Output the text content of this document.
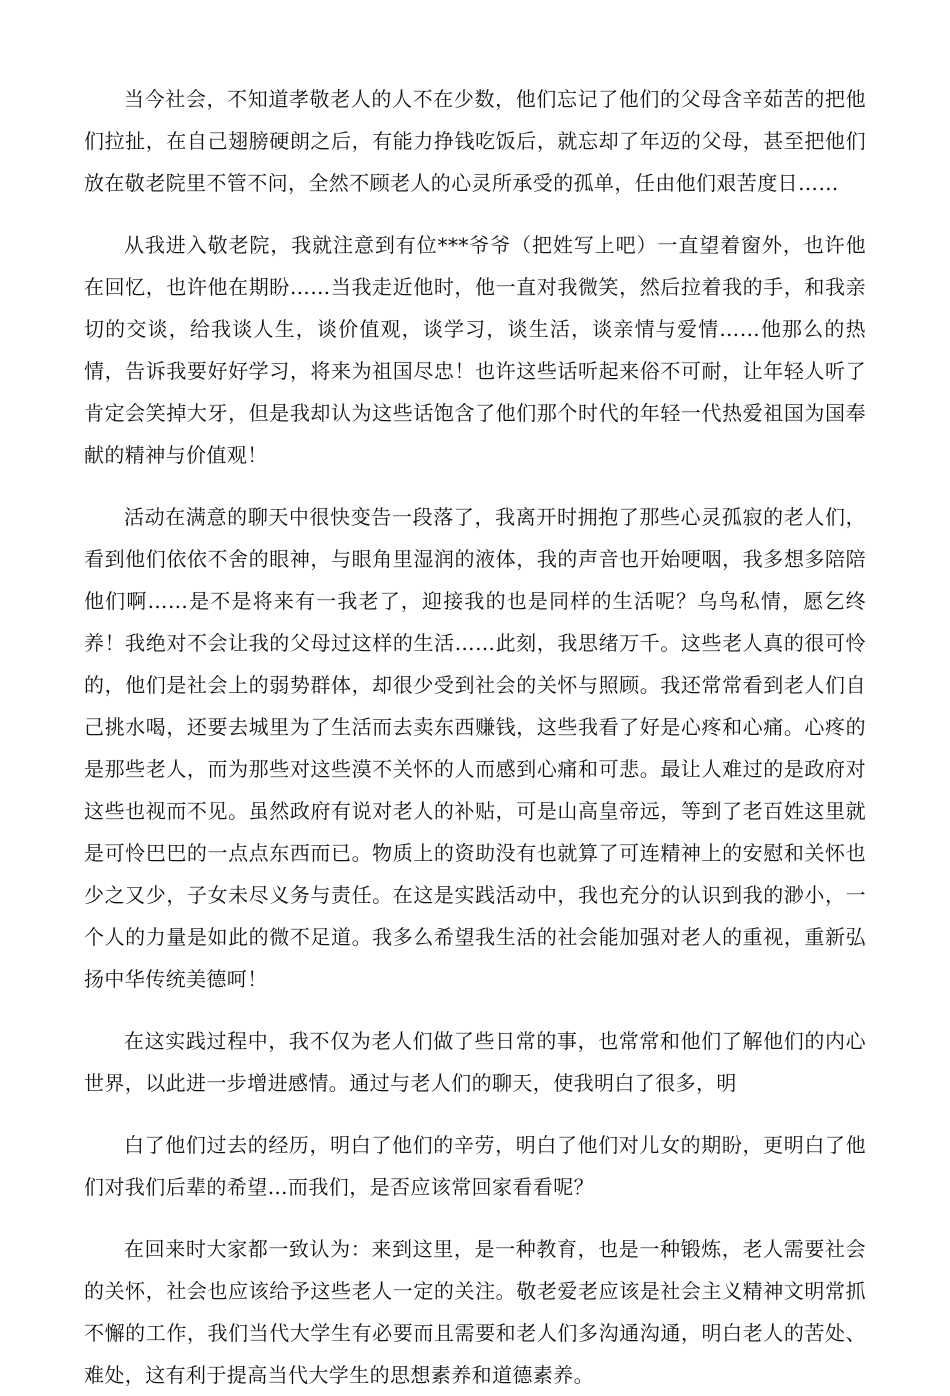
当今社会，不知道孝敬老人的人不在少数，他们忘记了他们的父母含辛茹苦的把他们拉扯，在自己翅膀硬朗之后，有能力挣钱吃饭后，就忘却了年迈的父母，甚至把他们放在敬老院里不管不问，全然不顾老人的心灵所承受的孤单，任由他们艰苦度日……

从我进入敬老院，我就注意到有位***爷爷（把姓写上吧）一直望着窗外，也许他在回忆，也许他在期盼……当我走近他时，他一直对我微笑，然后拉着我的手，和我亲切的交谈，给我谈人生，谈价值观，谈学习，谈生活，谈亲情与爱情……他那么的热情，告诉我要好好学习，将来为祖国尽忠！也许这些话听起来俗不可耐，让年轻人听了肯定会笑掉大牙，但是我却认为这些话饱含了他们那个时代的年轻一代热爱祖国为国奉献的精神与价值观！

活动在满意的聊天中很快变告一段落了，我离开时拥抱了那些心灵孤寂的老人们，看到他们依依不舍的眼神，与眼角里湿润的液体，我的声音也开始哽咽，我多想多陪陪他们啊……是不是将来有一我老了，迎接我的也是同样的生活呢？乌鸟私情，愿乞终养！我绝对不会让我的父母过这样的生活……此刻，我思绪万千。这些老人真的很可怜的，他们是社会上的弱势群体，却很少受到社会的关怀与照顾。我还常常看到老人们自己挑水喝，还要去城里为了生活而去卖东西赚钱，这些我看了好是心疼和心痛。心疼的是那些老人，而为那些对这些漠不关怀的人而感到心痛和可悲。最让人难过的是政府对这些也视而不见。虽然政府有说对老人的补贴，可是山高皇帝远，等到了老百姓这里就是可怜巴巴的一点点东西而已。物质上的资助没有也就算了可连精神上的安慰和关怀也少之又少，子女未尽义务与责任。在这是实践活动中，我也充分的认识到我的渺小，一个人的力量是如此的微不足道。我多么希望我生活的社会能加强对老人的重视，重新弘扬中华传统美德呵！

在这实践过程中，我不仅为老人们做了些日常的事，也常常和他们了解他们的内心世界，以此进一步增进感情。通过与老人们的聊天，使我明白了很多，明

白了他们过去的经历，明白了他们的辛劳，明白了他们对儿女的期盼，更明白了他们对我们后辈的希望…而我们，是否应该常回家看看呢？

在回来时大家都一致认为：来到这里，是一种教育，也是一种锻炼，老人需要社会的关怀，社会也应该给予这些老人一定的关注。敬老爱老应该是社会主义精神文明常抓不懈的工作，我们当代大学生有必要而且需要和老人们多沟通沟通，明白老人的苦处、难处，这有利于提高当代大学生的思想素养和道德素养。
